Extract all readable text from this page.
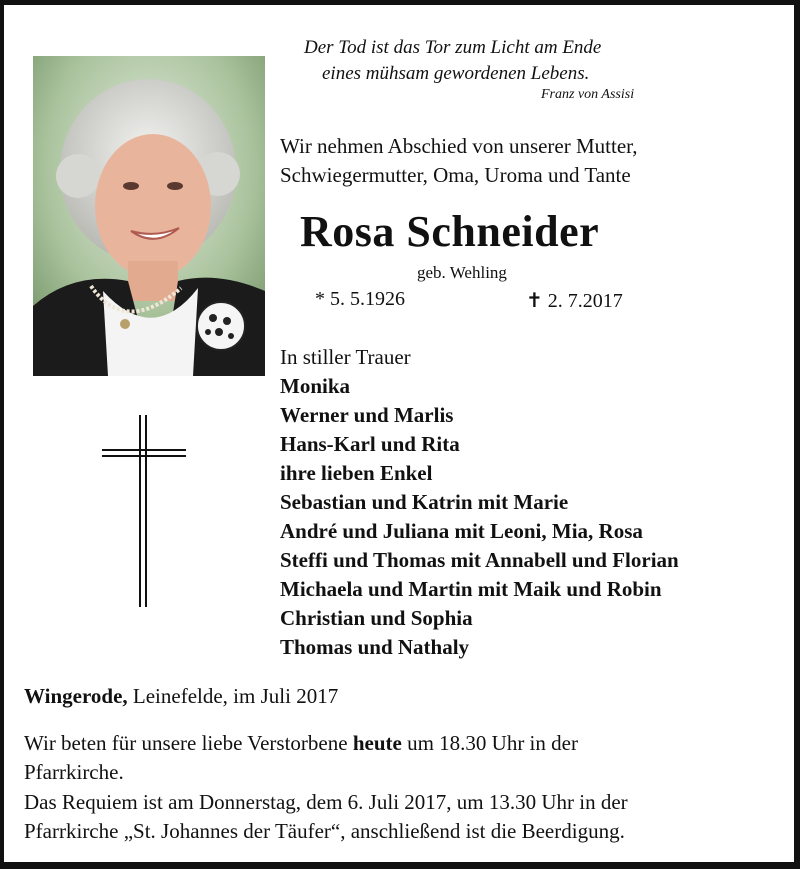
Der Tod ist das Tor zum Licht am Ende
eines mühsam gewordenen Lebens.
Franz von Assisi
Wir nehmen Abschied von unserer Mutter,
Schwiegermutter, Oma, Uroma und Tante
Rosa Schneider
geb. Wehling
* 5. 5.1926	✝ 2. 7.2017
In stiller Trauer
Monika
Werner und Marlis
Hans-Karl und Rita
ihre lieben Enkel
Sebastian und Katrin mit Marie
André und Juliana mit Leoni, Mia, Rosa
Steffi und Thomas mit Annabell und Florian
Michaela und Martin mit Maik und Robin
Christian und Sophia
Thomas und Nathaly
Wingerode, Leinefelde, im Juli 2017
Wir beten für unsere liebe Verstorbene heute um 18.30 Uhr in der
Pfarrkirche.
Das Requiem ist am Donnerstag, dem 6. Juli 2017, um 13.30 Uhr in der
Pfarrkirche „St. Johannes der Täufer“, anschließend ist die Beerdigung.
